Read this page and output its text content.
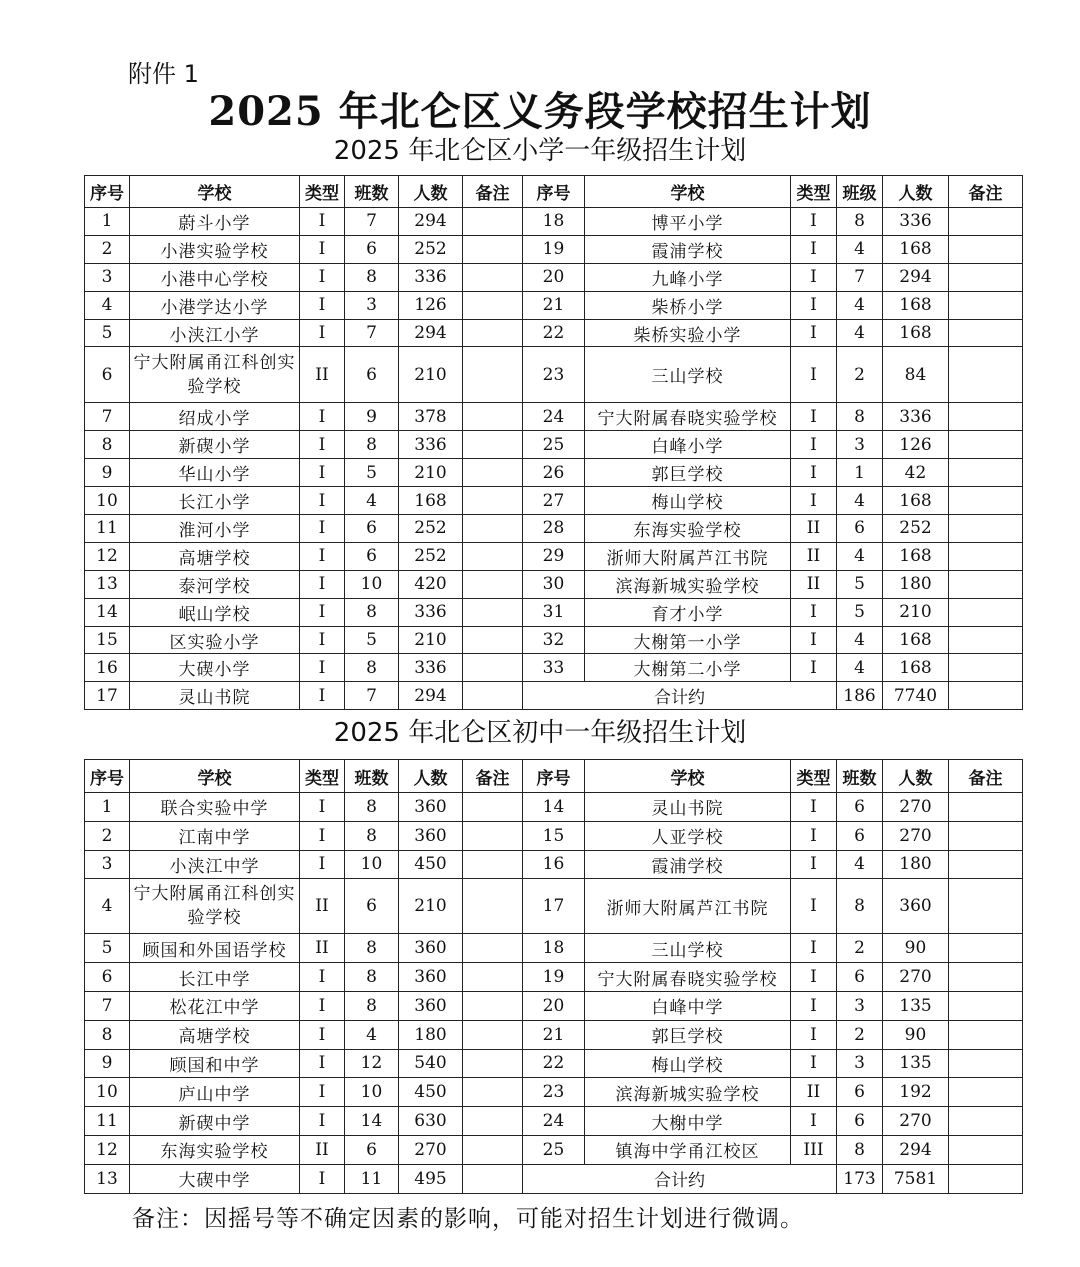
附件 1
2025 年北仑区义务段学校招生计划
2025 年北仑区小学一年级招生计划
序号	学校	类型	班数	人数	备注	序号	学校	类型	班级	人数	备注
1	蔚斗小学	I	7	294		18	博平小学	I	8	336	
2	小港实验学校	I	6	252		19	霞浦学校	I	4	168	
3	小港中心学校	I	8	336		20	九峰小学	I	7	294	
4	小港学达小学	I	3	126		21	柴桥小学	I	4	168	
5	小浃江小学	I	7	294		22	柴桥实验小学	I	4	168	
6	宁大附属甬江科创实验学校	II	6	210		23	三山学校	I	2	84	
7	绍成小学	I	9	378		24	宁大附属春晓实验学校	I	8	336	
8	新碶小学	I	8	336		25	白峰小学	I	3	126	
9	华山小学	I	5	210		26	郭巨学校	I	1	42	
10	长江小学	I	4	168		27	梅山学校	I	4	168	
11	淮河小学	I	6	252		28	东海实验学校	II	6	252	
12	高塘学校	I	6	252		29	浙师大附属芦江书院	II	4	168	
13	泰河学校	I	10	420		30	滨海新城实验学校	II	5	180	
14	岷山学校	I	8	336		31	育才小学	I	5	210	
15	区实验小学	I	5	210		32	大榭第一小学	I	4	168	
16	大碶小学	I	8	336		33	大榭第二小学	I	4	168	
17	灵山书院	I	7	294		合计约			186	7740	
2025 年北仑区初中一年级招生计划
序号	学校	类型	班数	人数	备注	序号	学校	类型	班数	人数	备注
1	联合实验中学	I	8	360		14	灵山书院	I	6	270	
2	江南中学	I	8	360		15	人亚学校	I	6	270	
3	小浃江中学	I	10	450		16	霞浦学校	I	4	180	
4	宁大附属甬江科创实验学校	II	6	210		17	浙师大附属芦江书院	I	8	360	
5	顾国和外国语学校	II	8	360		18	三山学校	I	2	90	
6	长江中学	I	8	360		19	宁大附属春晓实验学校	I	6	270	
7	松花江中学	I	8	360		20	白峰中学	I	3	135	
8	高塘学校	I	4	180		21	郭巨学校	I	2	90	
9	顾国和中学	I	12	540		22	梅山学校	I	3	135	
10	庐山中学	I	10	450		23	滨海新城实验学校	II	6	192	
11	新碶中学	I	14	630		24	大榭中学	I	6	270	
12	东海实验学校	II	6	270		25	镇海中学甬江校区	III	8	294	
13	大碶中学	I	11	495		合计约			173	7581	
备注：因摇号等不确定因素的影响，可能对招生计划进行微调。
